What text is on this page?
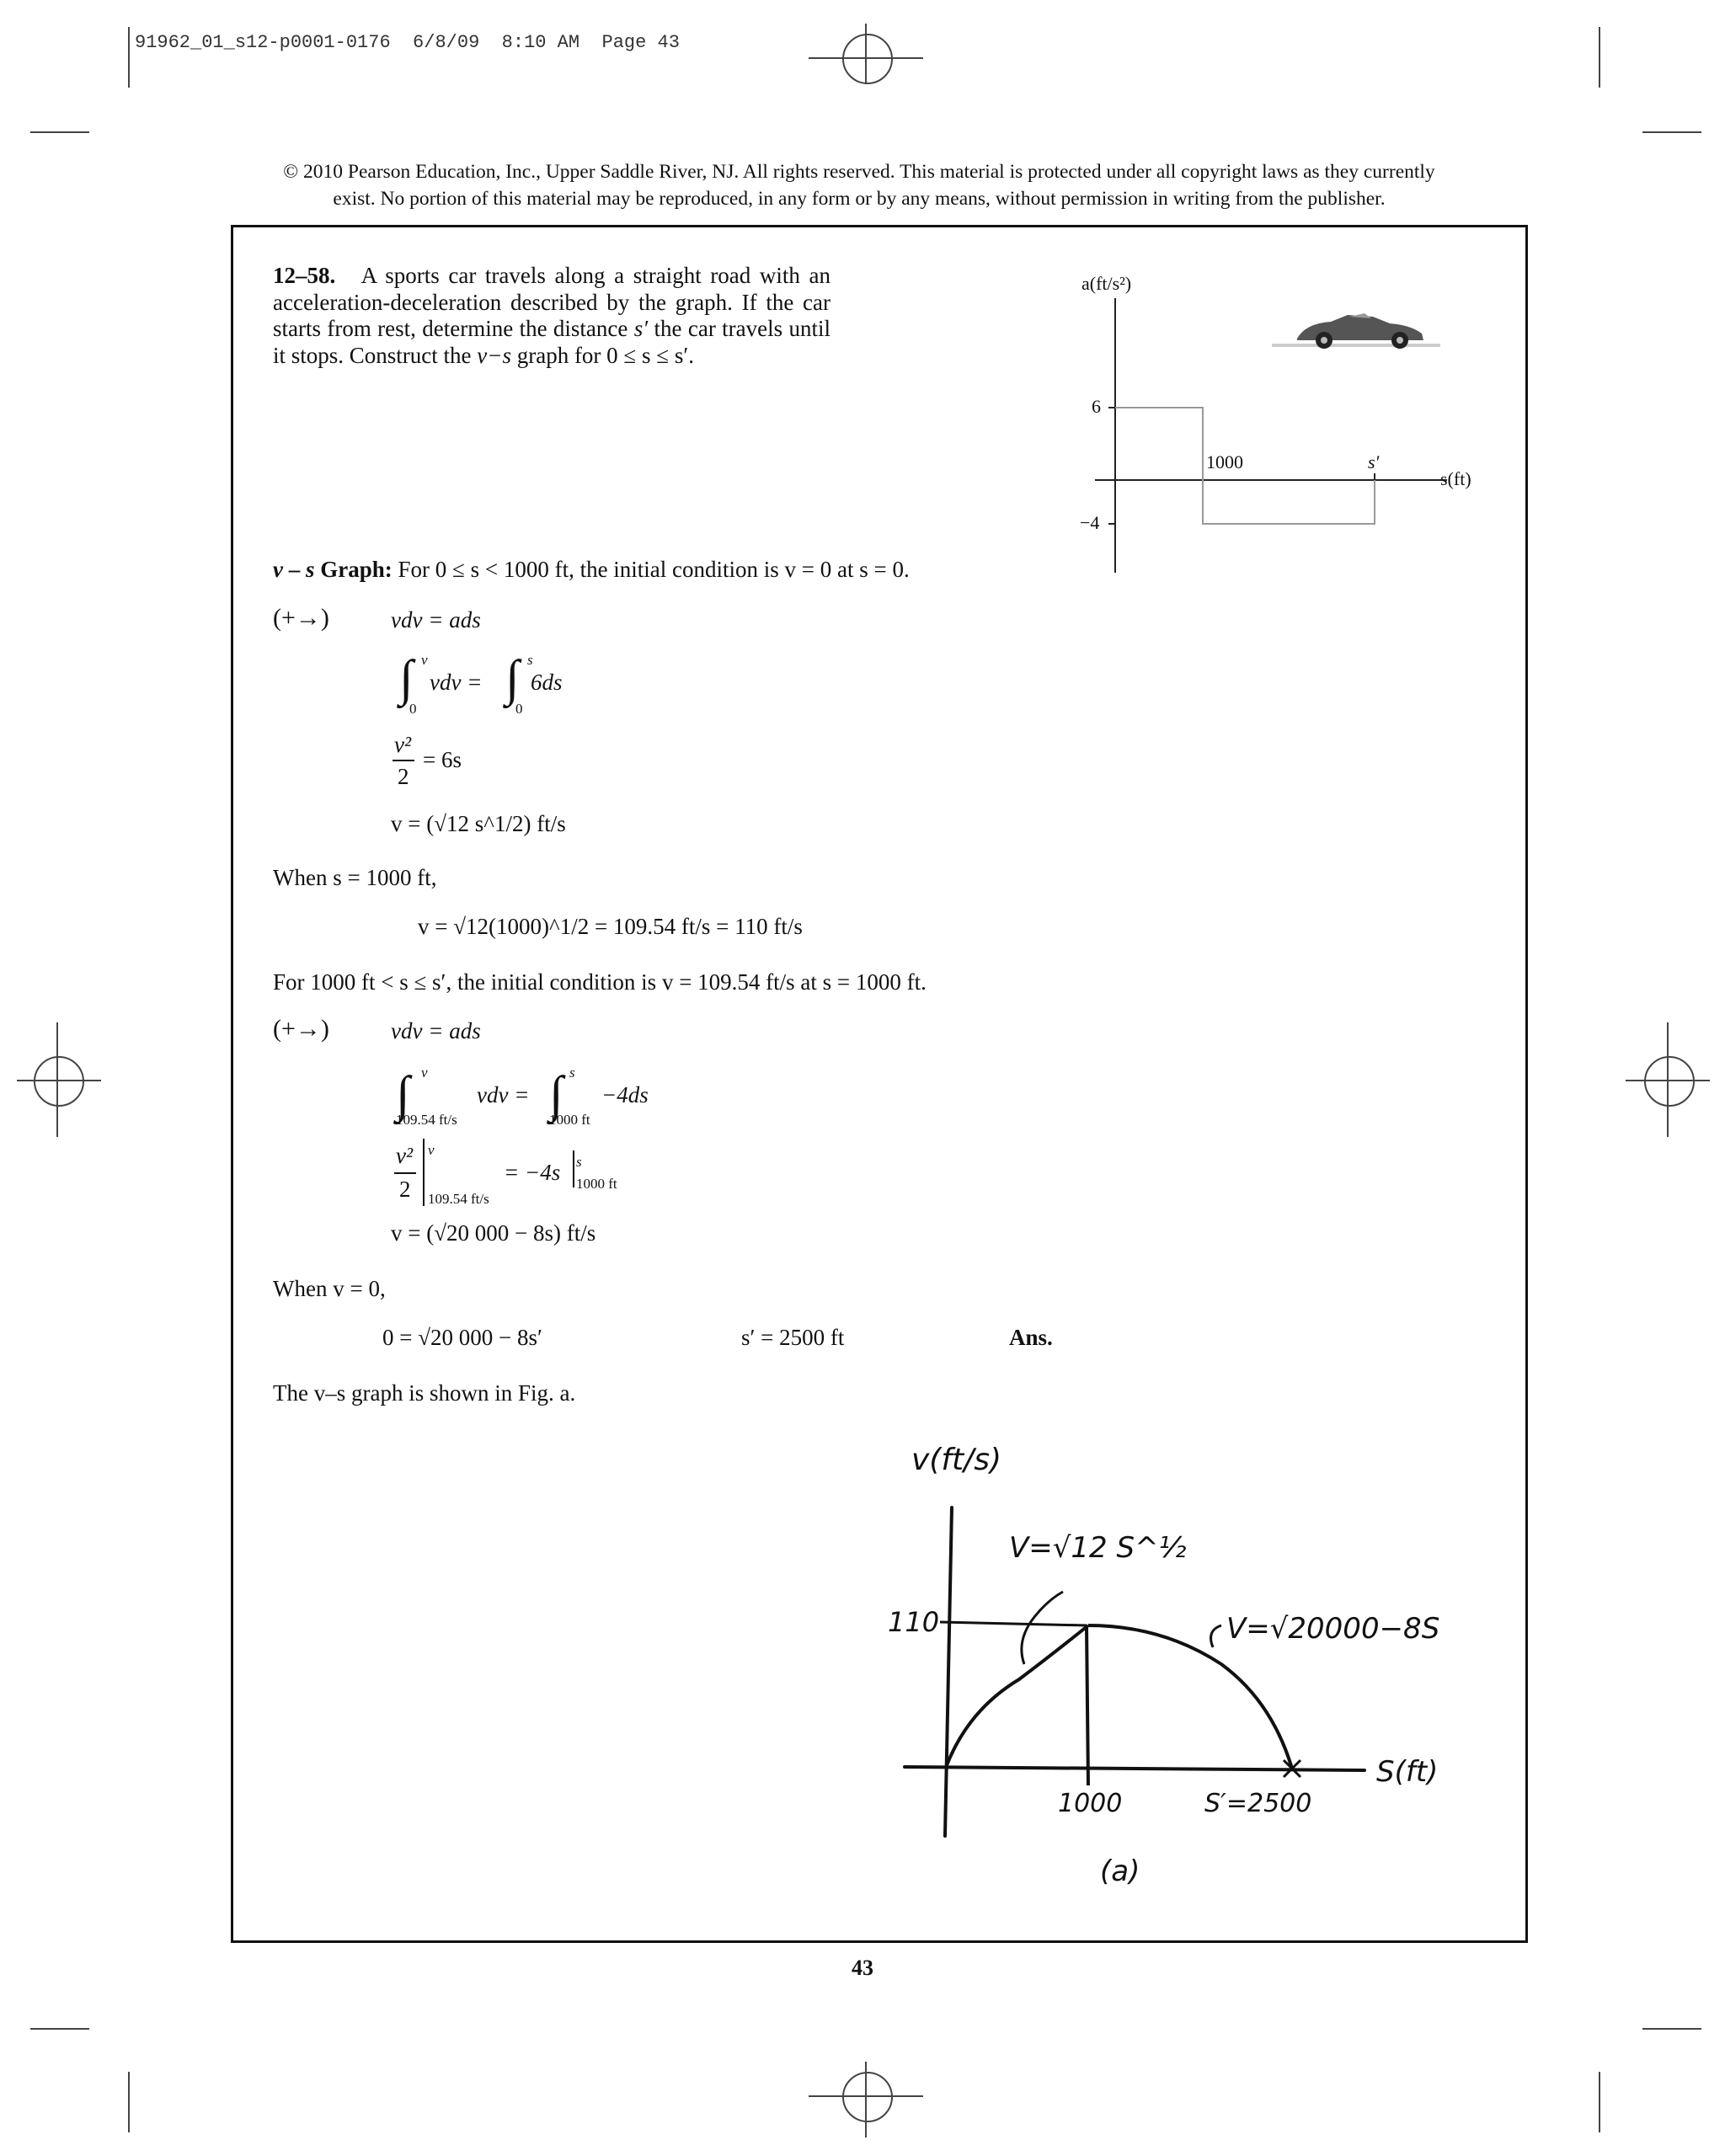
91962_01_s12-p0001-0176  6/8/09  8:10 AM  Page 43
© 2010 Pearson Education, Inc., Upper Saddle River, NJ. All rights reserved. This material is protected under all copyright laws as they currently
exist. No portion of this material may be reproduced, in any form or by any means, without permission in writing from the publisher.
12–58. A sports car travels along a straight road with an acceleration-deceleration described by the graph. If the car starts from rest, determine the distance s′ the car travels until it stops. Construct the v−s graph for 0 ≤ s ≤ s′.
a(ft/s²)
s(ft)
6
−4
1000	s′
v – s Graph: For 0 ≤ s < 1000 ft, the initial condition is v = 0 at s = 0.
(+→)	vdv = ads
∫ v
0
vdv = ∫ s
0
6ds
v²
2
= 6s
v = (√12 s^1/2) ft/s
When s = 1000 ft,
v = √12(1000)^1/2 = 109.54 ft/s = 110 ft/s
For 1000 ft < s ≤ s′, the initial condition is v = 109.54 ft/s at s = 1000 ft.
(+→)	vdv = ads
∫ v
109.54 ft/s
vdv = ∫ s
1000 ft
−4ds
v²
2
v
109.54 ft/s
= −4s s
1000 ft
v = (√20 000 − 8s) ft/s
When v = 0,
0 = √20 000 − 8s′	s′ = 2500 ft	Ans.
The v–s graph is shown in Fig. a.
v(ft/s)
V=√12 S^½
110	V=√20000−8S
S(ft)
1000	S′=2500
(a)
43
